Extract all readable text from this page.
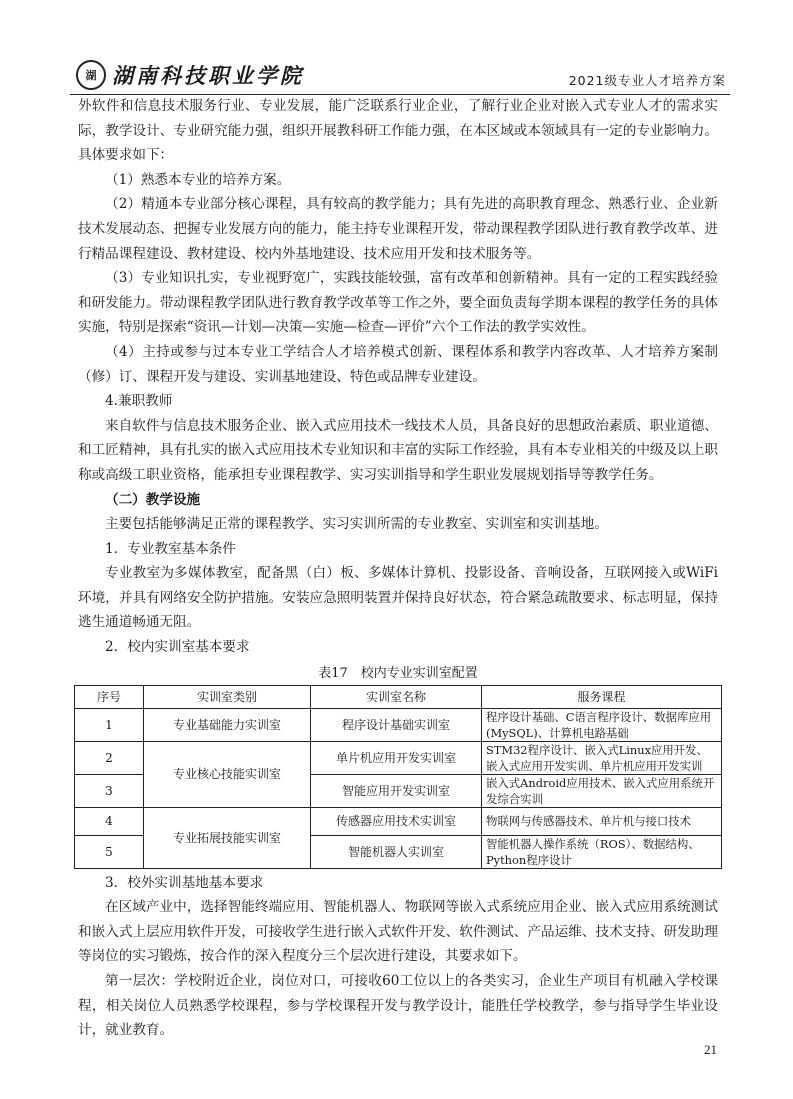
湖 湖南科技职业学院	2021级专业人才培养方案

外软件和信息技术服务行业、专业发展，能广泛联系行业企业，了解行业企业对嵌入式专业人才的需求实际，教学设计、专业研究能力强，组织开展教科研工作能力强，在本区域或本领域具有一定的专业影响力。具体要求如下：

（1）熟悉本专业的培养方案。

（2）精通本专业部分核心课程，具有较高的教学能力；具有先进的高职教育理念、熟悉行业、企业新技术发展动态、把握专业发展方向的能力，能主持专业课程开发，带动课程教学团队进行教育教学改革、进行精品课程建设、教材建设、校内外基地建设、技术应用开发和技术服务等。

（3）专业知识扎实，专业视野宽广，实践技能较强，富有改革和创新精神。具有一定的工程实践经验和研发能力。带动课程教学团队进行教育教学改革等工作之外，要全面负责每学期本课程的教学任务的具体实施，特别是探索“资讯—计划—决策—实施—检查—评价”六个工作法的教学实效性。

（4）主持或参与过本专业工学结合人才培养模式创新、课程体系和教学内容改革、人才培养方案制（修）订、课程开发与建设、实训基地建设、特色或品牌专业建设。

4.兼职教师

来自软件与信息技术服务企业、嵌入式应用技术一线技术人员，具备良好的思想政治素质、职业道德、和工匠精神，具有扎实的嵌入式应用技术专业知识和丰富的实际工作经验，具有本专业相关的中级及以上职称或高级工职业资格，能承担专业课程教学、实习实训指导和学生职业发展规划指导等教学任务。

（二）教学设施

主要包括能够满足正常的课程教学、实习实训所需的专业教室、实训室和实训基地。

1．专业教室基本条件

专业教室为多媒体教室，配备黑（白）板、多媒体计算机、投影设备、音响设备，互联网接入或WiFi环境，并具有网络安全防护措施。安装应急照明装置并保持良好状态，符合紧急疏散要求、标志明显，保持逃生通道畅通无阻。

2．校内实训室基本要求

表17　校内专业实训室配置
序号	实训室类别	实训室名称	服务课程
1	专业基础能力实训室	程序设计基础实训室	程序设计基础、C语言程序设计、数据库应用(MySQL)、计算机电路基础
2	专业核心技能实训室	单片机应用开发实训室	STM32程序设计、嵌入式Linux应用开发、嵌入式应用开发实训、单片机应用开发实训
3		智能应用开发实训室	嵌入式Android应用技术、嵌入式应用系统开发综合实训
4	专业拓展技能实训室	传感器应用技术实训室	物联网与传感器技术、单片机与接口技术
5		智能机器人实训室	智能机器人操作系统（ROS）、数据结构、Python程序设计

3．校外实训基地基本要求

在区域产业中，选择智能终端应用、智能机器人、物联网等嵌入式系统应用企业、嵌入式应用系统测试和嵌入式上层应用软件开发，可接收学生进行嵌入式软件开发、软件测试、产品运维、技术支持、研发助理等岗位的实习锻炼，按合作的深入程度分三个层次进行建设，其要求如下。

第一层次：学校附近企业，岗位对口，可接收60工位以上的各类实习，企业生产项目有机融入学校课程，相关岗位人员熟悉学校课程，参与学校课程开发与教学设计，能胜任学校教学，参与指导学生毕业设计，就业教育。

21
